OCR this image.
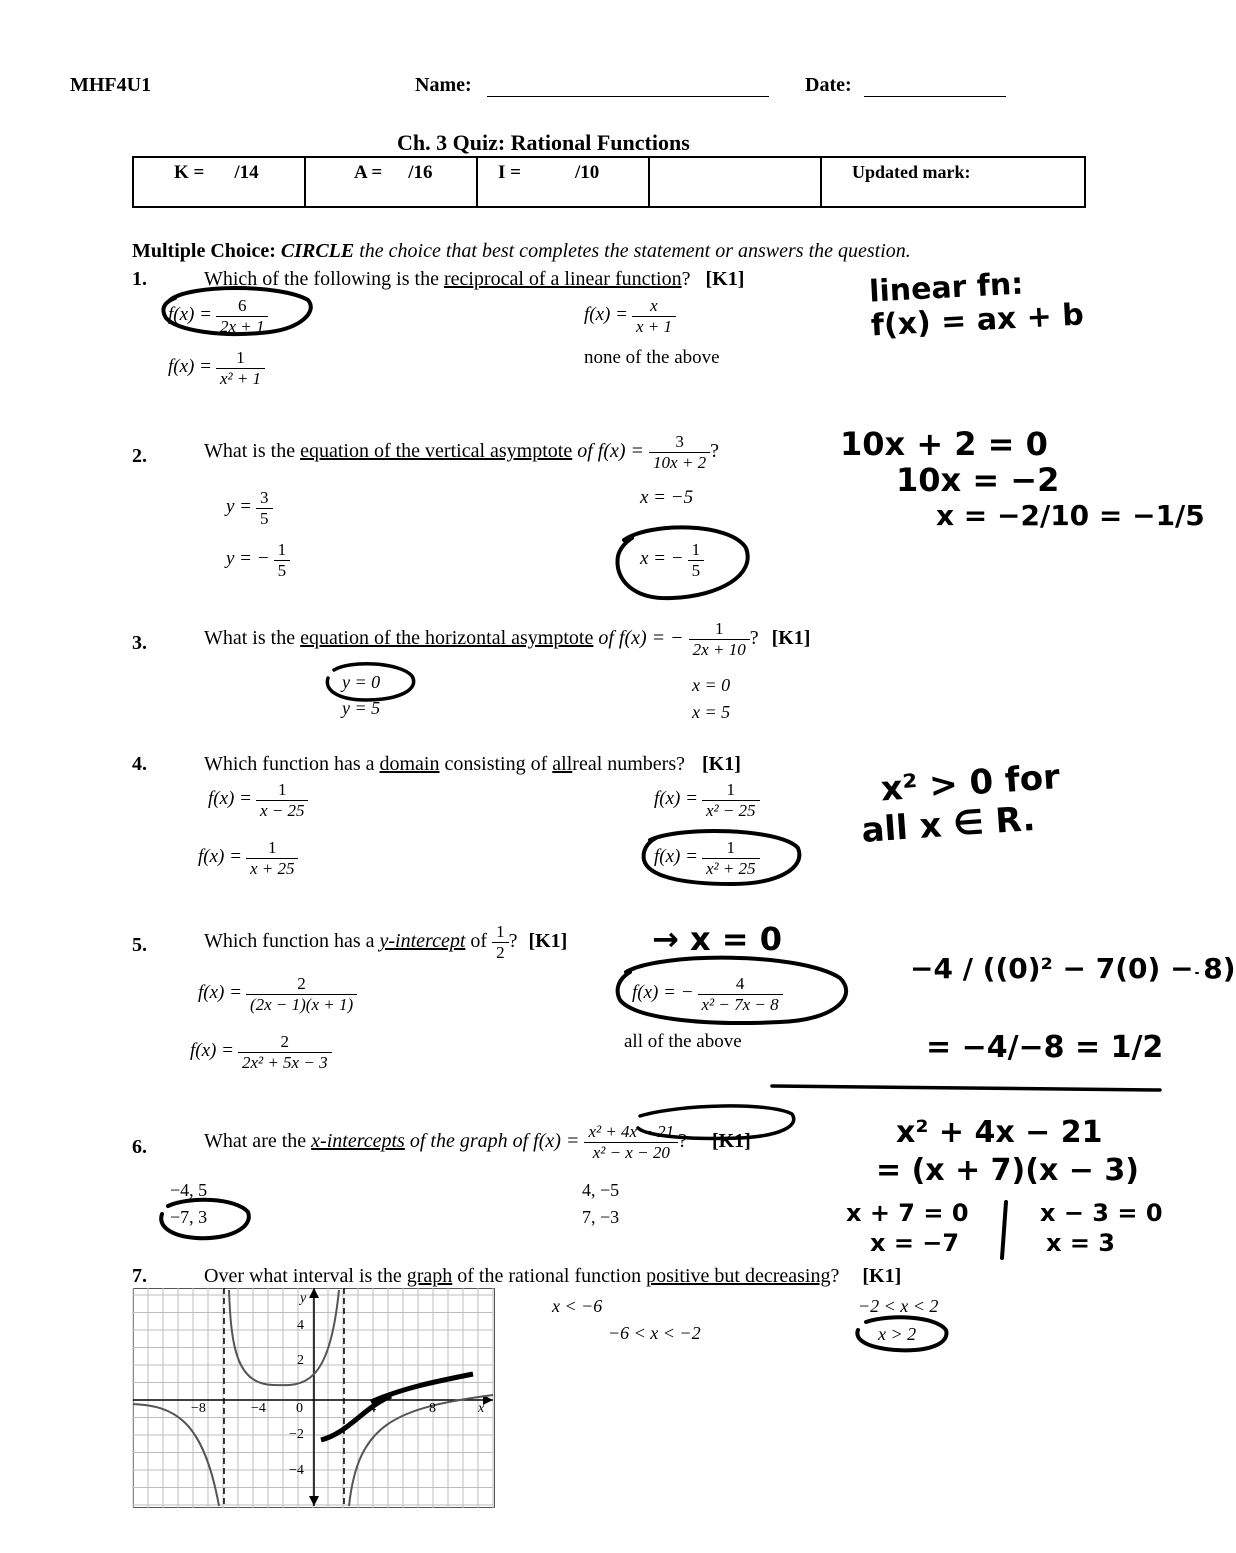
MHF4U1	Name:	Date:
Ch. 3 Quiz: Rational Functions
K = /14	A = /16	I =	/10		Updated mark:
Multiple Choice: CIRCLE the choice that best completes the statement or answers the question.
1.	Which of the following is the reciprocal of a linear function? [K1]
$f(x) = \frac{6}{2x + 1}$	$f(x) = \frac{x}{x + 1}$
$f(x) = \frac{1}{\text{x² + 1}}$	none of the above
linear fn:
f(x) = ax + b
2.	What is the equation of the vertical asymptote of $f(x) = \frac{3}{10x + 2}$ ?
$y = \frac{3}{5}$	x = −5
y = − $\frac{1}{5}$	x = − $\frac{1}{5}$
10x + 2 = 0
10x = −2
x = −2/10 = −1/5
3.	What is the equation of the horizontal asymptote of f(x) = − $\frac{1}{2x + 10}$ ? [K1]
y = 0	x = 0
y = 5	x = 5
4.	Which function has a domain consisting of allreal numbers? [K1]
$f(x) = \frac{1}{x - 25}$	$f(x) = \frac{1}{\text{x² − 25}}$
$f(x) = \frac{1}{x + 25}$	$f(x) = \frac{1}{\text{x² + 25}}$
x² > 0 for
all x ∈ R.
5.	Which function has a y-intercept of $\frac{1}{2}$ ? [K1]
$f(x) = \frac{2}{(2x - 1)(x + 1)}$	f(x) = − $\frac{4}{\text{x² − 7x − 8}}$
$f(x) = \frac{2}{\text{2x² + 5x − 3}}$	all of the above
→ x = 0
−4 / ((0)² − 7(0) − 8)
= −4/−8 = 1/2
6.	What are the x-intercepts of the graph of $f(x) = \frac{\text{x² + 4x − 21}}{\text{x² − x − 20}}$ ? [K1]
−4, 5	4, −5
−7, 3	7, −3
x² + 4x − 21
= (x + 7)(x − 3)
x + 7 = 0
x = −7
x − 3 = 0
x = 3
7.	Over what interval is the graph of the rational function positive but decreasing? [K1]
x < −6	−2 < x < 2
−6 < x < −2	x > 2
y
x
4
2
−2
−4
−8	−4 0	4	8
